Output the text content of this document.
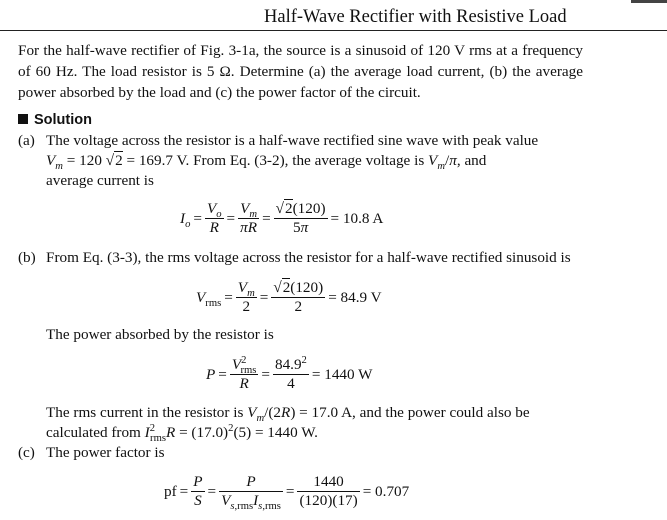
Half-Wave Rectifier with Resistive Load
For the half-wave rectifier of Fig. 3-1a, the source is a sinusoid of 120 V rms at a frequency of 60 Hz. The load resistor is 5 Ω. Determine (a) the average load current, (b) the average power absorbed by the load and (c) the power factor of the circuit.
Solution
(a) The voltage across the resistor is a half-wave rectified sine wave with peak value
$V_m = 120$ √2 = 169.7 V. From Eq. (3-2), the average voltage is $V_m/\pi$, and
average current is
$I_o = \frac{V_o}{R} = \frac{V_m}{\pi R} = \frac{√2(120)}{5\pi} = 10.8$ A
(b) From Eq. (3-3), the rms voltage across the resistor for a half-wave rectified sinusoid is
$V_{rms} = \frac{V_m}{2} = \frac{√2(120)}{2} = 84.9$ V
The power absorbed by the resistor is
$P = \frac{V^2_{rms}}{R} = \frac{84.9^2}{4} = 1440$ W
The rms current in the resistor is $V_m/(2R) = 17.0$ A, and the power could also be
calculated from $I^2_{rms}R = (17.0)^2(5) = 1440$ W.
(c) The power factor is
pf = $\frac{P}{S} = \frac{P}{V_{s,rms}I_{s,rms}} = \frac{1440}{(120)(17)} = 0.707$
